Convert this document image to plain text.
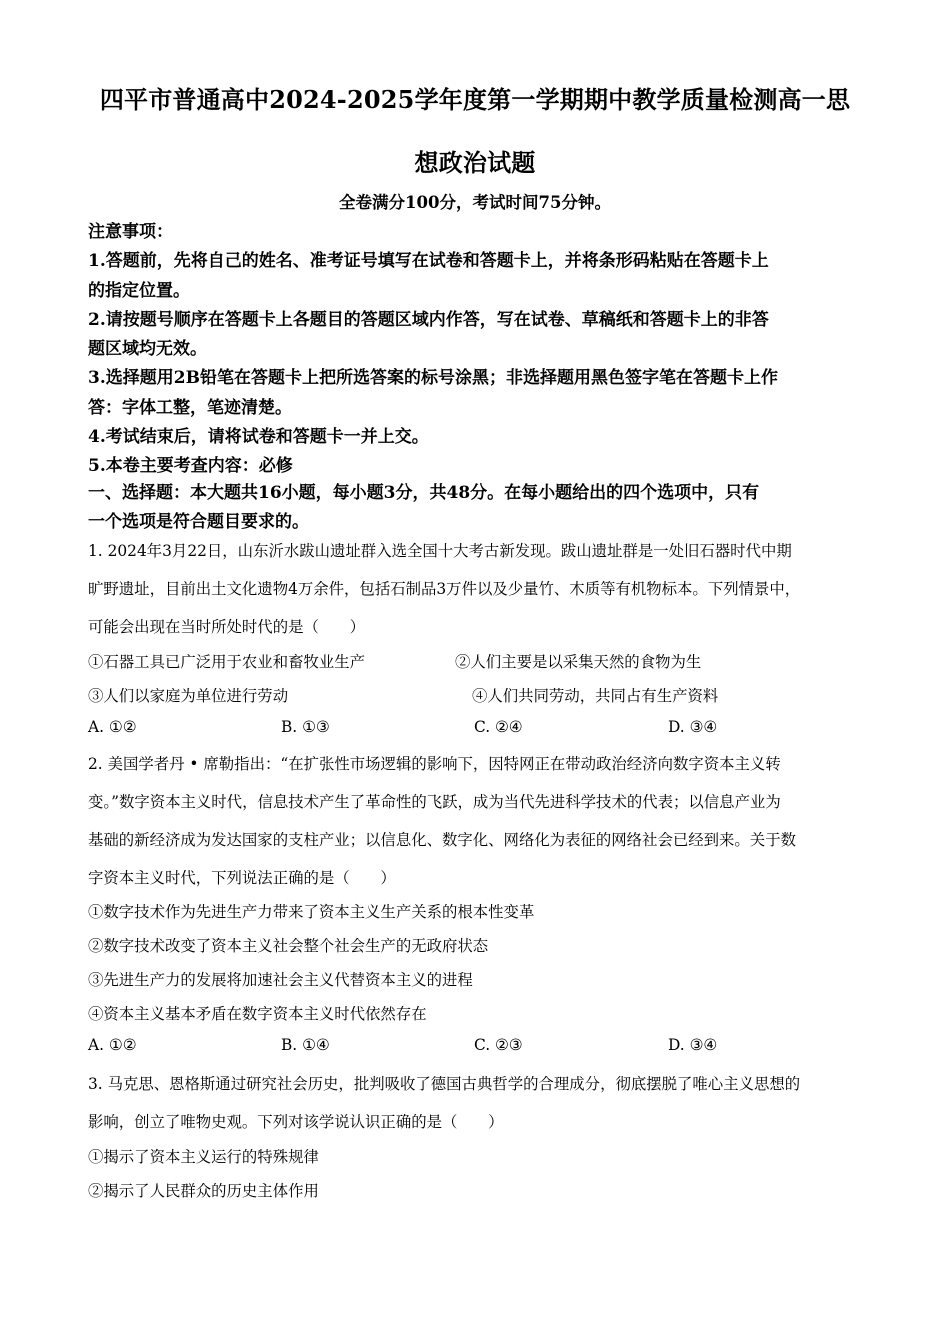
四平市普通高中2024-2025学年度第一学期期中教学质量检测高一思
想政治试题
全卷满分100分，考试时间75分钟。
注意事项：
1.答题前，先将自己的姓名、准考证号填写在试卷和答题卡上，并将条形码粘贴在答题卡上
的指定位置。
2.请按题号顺序在答题卡上各题目的答题区域内作答，写在试卷、草稿纸和答题卡上的非答
题区域均无效。
3.选择题用2B铅笔在答题卡上把所选答案的标号涂黑；非选择题用黑色签字笔在答题卡上作
答：字体工整，笔迹清楚。
4.考试结束后，请将试卷和答题卡一并上交。
5.本卷主要考查内容：必修
一、选择题：本大题共16小题，每小题3分，共48分。在每小题给出的四个选项中，只有
一个选项是符合题目要求的。
1. 2024年3月22日，山东沂水跋山遗址群入选全国十大考古新发现。跋山遗址群是一处旧石器时代中期
旷野遗址，目前出土文化遗物4万余件，包括石制品3万件以及少量竹、木质等有机物标本。下列情景中，
可能会出现在当时所处时代的是（　　）
①石器工具已广泛用于农业和畜牧业生产	②人们主要是以采集天然的食物为生
③人们以家庭为单位进行劳动	④人们共同劳动，共同占有生产资料
A. ①②	B. ①③	C. ②④	D. ③④
2. 美国学者丹 • 席勒指出：“在扩张性市场逻辑的影响下，因特网正在带动政治经济向数字资本主义转
变。”数字资本主义时代，信息技术产生了革命性的飞跃，成为当代先进科学技术的代表；以信息产业为
基础的新经济成为发达国家的支柱产业；以信息化、数字化、网络化为表征的网络社会已经到来。关于数
字资本主义时代，下列说法正确的是（　　）
①数字技术作为先进生产力带来了资本主义生产关系的根本性变革
②数字技术改变了资本主义社会整个社会生产的无政府状态
③先进生产力的发展将加速社会主义代替资本主义的进程
④资本主义基本矛盾在数字资本主义时代依然存在
A. ①②	B. ①④	C. ②③	D. ③④
3. 马克思、恩格斯通过研究社会历史，批判吸收了德国古典哲学的合理成分，彻底摆脱了唯心主义思想的
影响，创立了唯物史观。下列对该学说认识正确的是（　　）
①揭示了资本主义运行的特殊规律
②揭示了人民群众的历史主体作用
